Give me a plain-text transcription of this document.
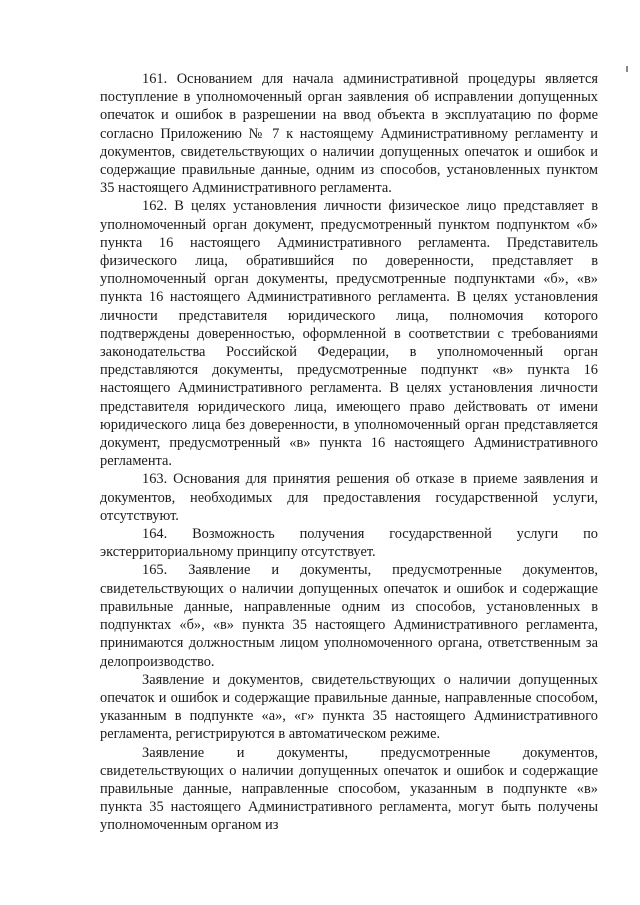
161. Основанием для начала административной процедуры является поступление в уполномоченный орган заявления об исправлении допущенных опечаток и ошибок в разрешении на ввод объекта в эксплуатацию по форме согласно Приложению № 7 к настоящему Административному регламенту и документов, свидетельствующих о наличии допущенных опечаток и ошибок и содержащие правильные данные, одним из способов, установленных пунктом 35 настоящего Административного регламента.

162. В целях установления личности физическое лицо представляет в уполномоченный орган документ, предусмотренный пунктом подпунктом «б» пункта 16 настоящего Административного регламента. Представитель физического лица, обратившийся по доверенности, представляет в уполномоченный орган документы, предусмотренные подпунктами «б», «в» пункта 16 настоящего Административного регламента. В целях установления личности представителя юридического лица, полномочия которого подтверждены доверенностью, оформленной в соответствии с требованиями законодательства Российской Федерации, в уполномоченный орган представляются документы, предусмотренные подпункт «в» пункта 16 настоящего Административного регламента. В целях установления личности представителя юридического лица, имеющего право действовать от имени юридического лица без доверенности, в уполномоченный орган представляется документ, предусмотренный «в» пункта 16 настоящего Административного регламента.

163. Основания для принятия решения об отказе в приеме заявления и документов, необходимых для предоставления государственной услуги, отсутствуют.

164. Возможность получения государственной услуги по экстерриториальному принципу отсутствует.

165. Заявление и документы, предусмотренные документов, свидетельствующих о наличии допущенных опечаток и ошибок и содержащие правильные данные, направленные одним из способов, установленных в подпунктах «б», «в» пункта 35 настоящего Административного регламента, принимаются должностным лицом уполномоченного органа, ответственным за делопроизводство.

Заявление и документов, свидетельствующих о наличии допущенных опечаток и ошибок и содержащие правильные данные, направленные способом, указанным в подпункте «а», «г» пункта 35 настоящего Административного регламента, регистрируются в автоматическом режиме.

Заявление и документы, предусмотренные документов, свидетельствующих о наличии допущенных опечаток и ошибок и содержащие правильные данные, направленные способом, указанным в подпункте «в» пункта 35 настоящего Административного регламента, могут быть получены уполномоченным органом из
